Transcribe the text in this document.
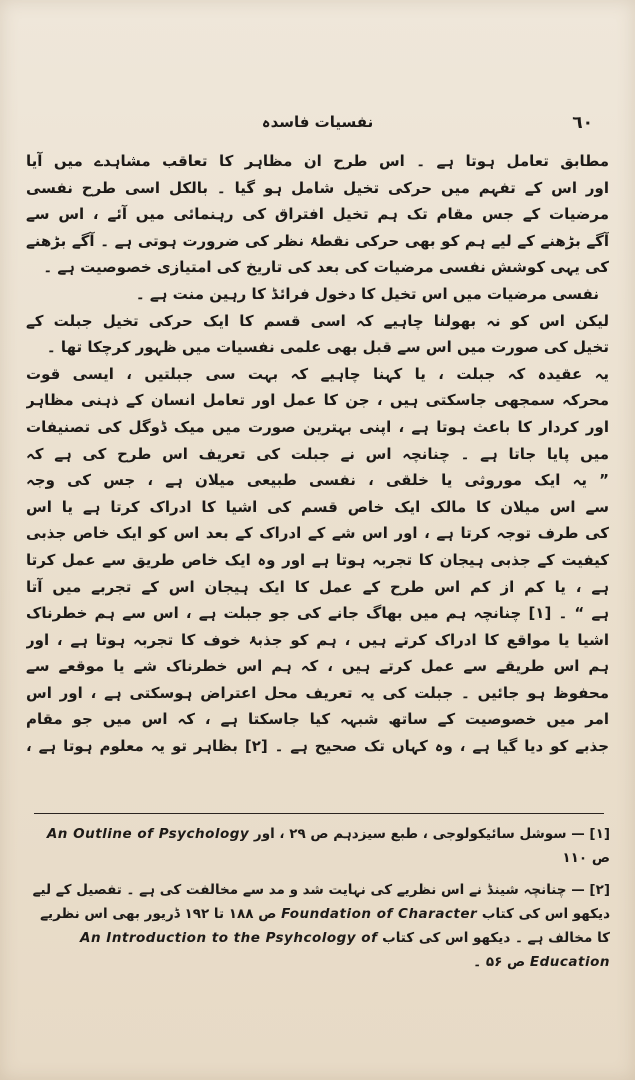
٦٠
نفسیات فاسدہ
مطابق تعامل ہوتا ہے ۔ اس طرح ان مظاہر کا تعاقب مشاہدے میں آیا
اور اس کے تفہم میں حرکی تخیل شامل ہو گیا ۔ بالکل اسی طرح نفسی
مرضیات کے جس مقام تک ہم تخیل افتراق کی رہنمائی میں آئے ، اس سے
آگے بڑھنے کے لیے ہم کو بھی حرکی نقطۂ نظر کی ضرورت ہوتی ہے ۔ آگے بڑھنے
کی یہی کوشش نفسی مرضیات کی بعد کی تاریخ کی امتیازی خصوصیت ہے ۔
نفسی مرضیات میں اس تخیل کا دخول فرائڈ کا رہین منت ہے ۔
لیکن اس کو نہ بھولنا چاہیے کہ اسی قسم کا ایک حرکی تخیل جبلت کے
تخیل کی صورت میں اس سے قبل بھی علمی نفسیات میں ظہور کرچکا تھا ۔
یہ عقیدہ کہ جبلت ، یا کہنا چاہیے کہ بہت سی جبلتیں ، ایسی قوت
محرکہ سمجھی جاسکتی ہیں ، جن کا عمل اور تعامل انسان کے ذہنی مظاہر
اور کردار کا باعث ہوتا ہے ، اپنی بہترین صورت میں میک ڈوگل کی تصنیفات
میں پایا جاتا ہے ۔ چنانچہ اس نے جبلت کی تعریف اس طرح کی ہے کہ
” یہ ایک موروثی یا خلقی ، نفسی طبیعی میلان ہے ، جس کی وجہ
سے اس میلان کا مالک ایک خاص قسم کی اشیا کا ادراک کرتا ہے یا اس
کی طرف توجہ کرتا ہے ، اور اس شے کے ادراک کے بعد اس کو ایک خاص جذبی
کیفیت کے جذبی ہیجان کا تجربہ ہوتا ہے اور وہ ایک خاص طریق سے عمل کرتا
ہے ، یا کم از کم اس طرح کے عمل کا ایک ہیجان اس کے تجربے میں آتا
ہے “ ۔ [۱] چنانچہ ہم میں بھاگ جانے کی جو جبلت ہے ، اس سے ہم خطرناک
اشیا یا مواقع کا ادراک کرتے ہیں ، ہم کو جذبۂ خوف کا تجربہ ہوتا ہے ، اور
ہم اس طریقے سے عمل کرتے ہیں ، کہ ہم اس خطرناک شے یا موقعے سے
محفوظ ہو جائیں ۔ جبلت کی یہ تعریف محل اعتراض ہوسکتی ہے ، اور اس
امر میں خصوصیت کے ساتھ شبہہ کیا جاسکتا ہے ، کہ اس میں جو مقام
جذبے کو دیا گیا ہے ، وہ کہاں تک صحیح ہے ۔ [۲] بظاہر تو یہ معلوم ہوتا ہے ،
[۱] — سوشل سائیکولوجی ، طبع سیزدہم ص ۲۹ ، اور An Outline of Psychology
ص ۱۱۰
[۲] — چنانچہ شینڈ نے اس نظریے کی نہایت شد و مد سے مخالفت کی ہے ۔ تفصیل کے لیے
دیکھو اس کی کتاب Foundation of Character ص ۱۸۸ تا ۱۹۲ ڈریور بھی اس نظریے
کا مخالف ہے ۔ دیکھو اس کی کتاب An Introduction to the Psyhcology of
Education ص ۵۶ ۔
